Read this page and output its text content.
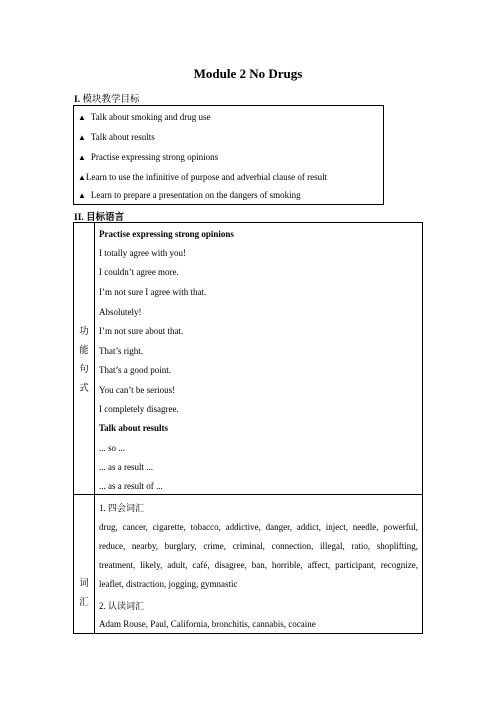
Module 2 No Drugs
I. 模块教学目标
▲ Talk about smoking and drug use
▲ Talk about results
▲ Practise expressing strong opinions
▲Learn to use the infinitive of purpose and adverbial clause of result
▲ Learn to prepare a presentation on the dangers of smoking
II. 目标语言
功
能
句
式
Practise expressing strong opinions
I totally agree with you!
I couldn’t agree more.
I’m not sure I agree with that.
Absolutely!
I’m not sure about that.
That’s right.
That’s a good point.
You can’t be serious!
I completely disagree.
Talk about results
... so ...
... as a result ...
... as a result of ...
词
汇
1. 四会词汇
drug, cancer, cigarette, tobacco, addictive, danger, addict, inject, needle, powerful, reduce, nearby, burglary, crime, criminal, connection, illegal, ratio, shoplifting, treatment, likely, adult, café, disagree, ban, horrible, affect, participant, recognize, leaflet, distraction, jogging, gymnastic
2. 认读词汇
Adam Rouse, Paul, California, bronchitis, cannabis, cocaine
